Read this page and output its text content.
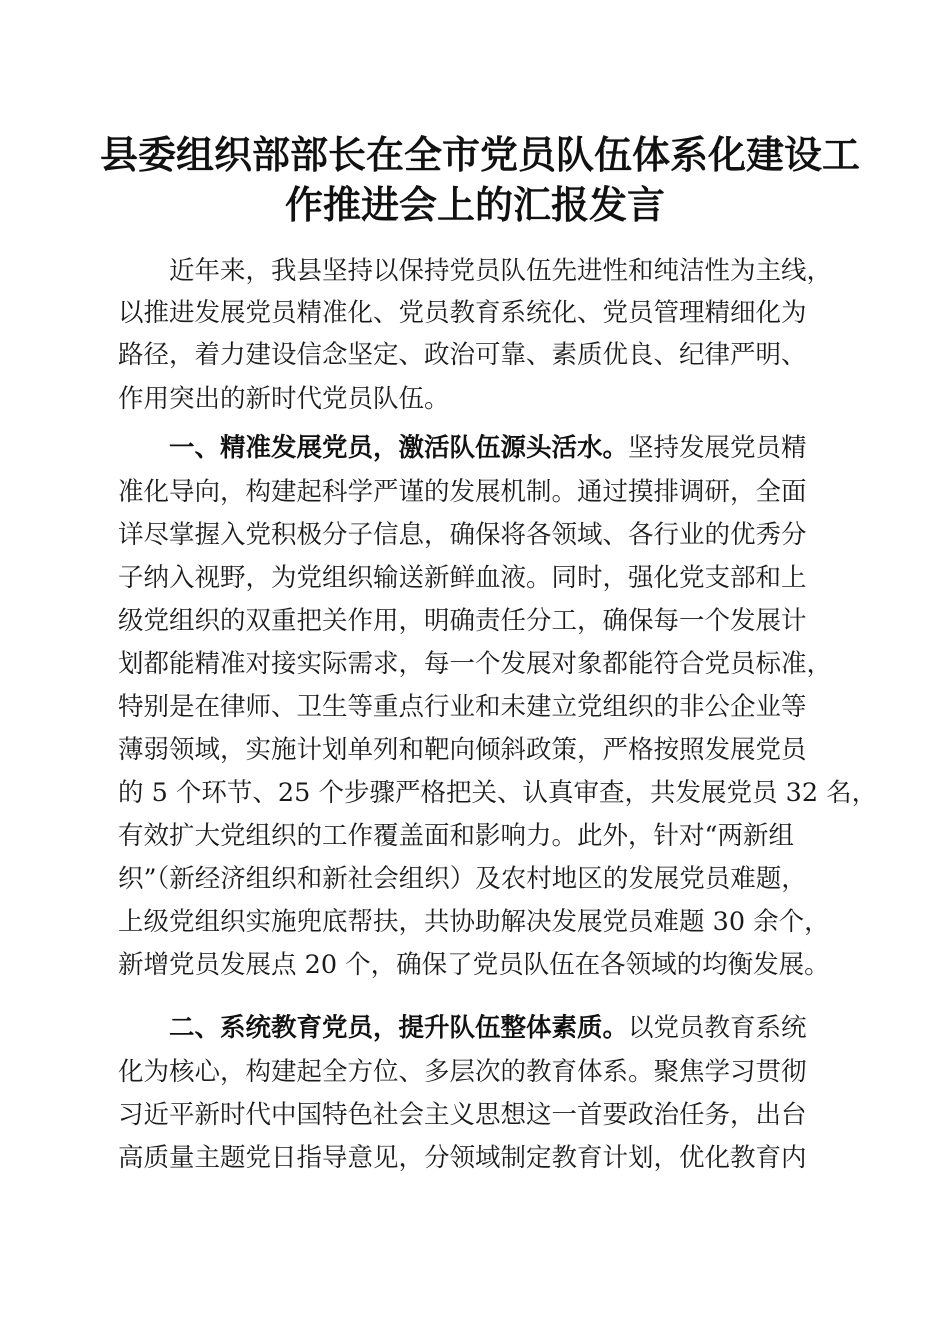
县委组织部部长在全市党员队伍体系化建设工
作推进会上的汇报发言

近年来，我县坚持以保持党员队伍先进性和纯洁性为主线，

以推进发展党员精准化、党员教育系统化、党员管理精细化为

路径，着力建设信念坚定、政治可靠、素质优良、纪律严明、

作用突出的新时代党员队伍。

一、精准发展党员，激活队伍源头活水。坚持发展党员精

准化导向，构建起科学严谨的发展机制。通过摸排调研，全面

详尽掌握入党积极分子信息，确保将各领域、各行业的优秀分

子纳入视野，为党组织输送新鲜血液。同时，强化党支部和上

级党组织的双重把关作用，明确责任分工，确保每一个发展计

划都能精准对接实际需求，每一个发展对象都能符合党员标准，

特别是在律师、卫生等重点行业和未建立党组织的非公企业等

薄弱领域，实施计划单列和靶向倾斜政策，严格按照发展党员

的 5 个环节、25 个步骤严格把关、认真审查，共发展党员 32 名，

有效扩大党组织的工作覆盖面和影响力。此外，针对“两新组

织”（新经济组织和新社会组织）及农村地区的发展党员难题，

上级党组织实施兜底帮扶，共协助解决发展党员难题 30 余个，

新增党员发展点 20 个，确保了党员队伍在各领域的均衡发展。

二、系统教育党员，提升队伍整体素质。以党员教育系统

化为核心，构建起全方位、多层次的教育体系。聚焦学习贯彻

习近平新时代中国特色社会主义思想这一首要政治任务，出台

高质量主题党日指导意见，分领域制定教育计划，优化教育内
